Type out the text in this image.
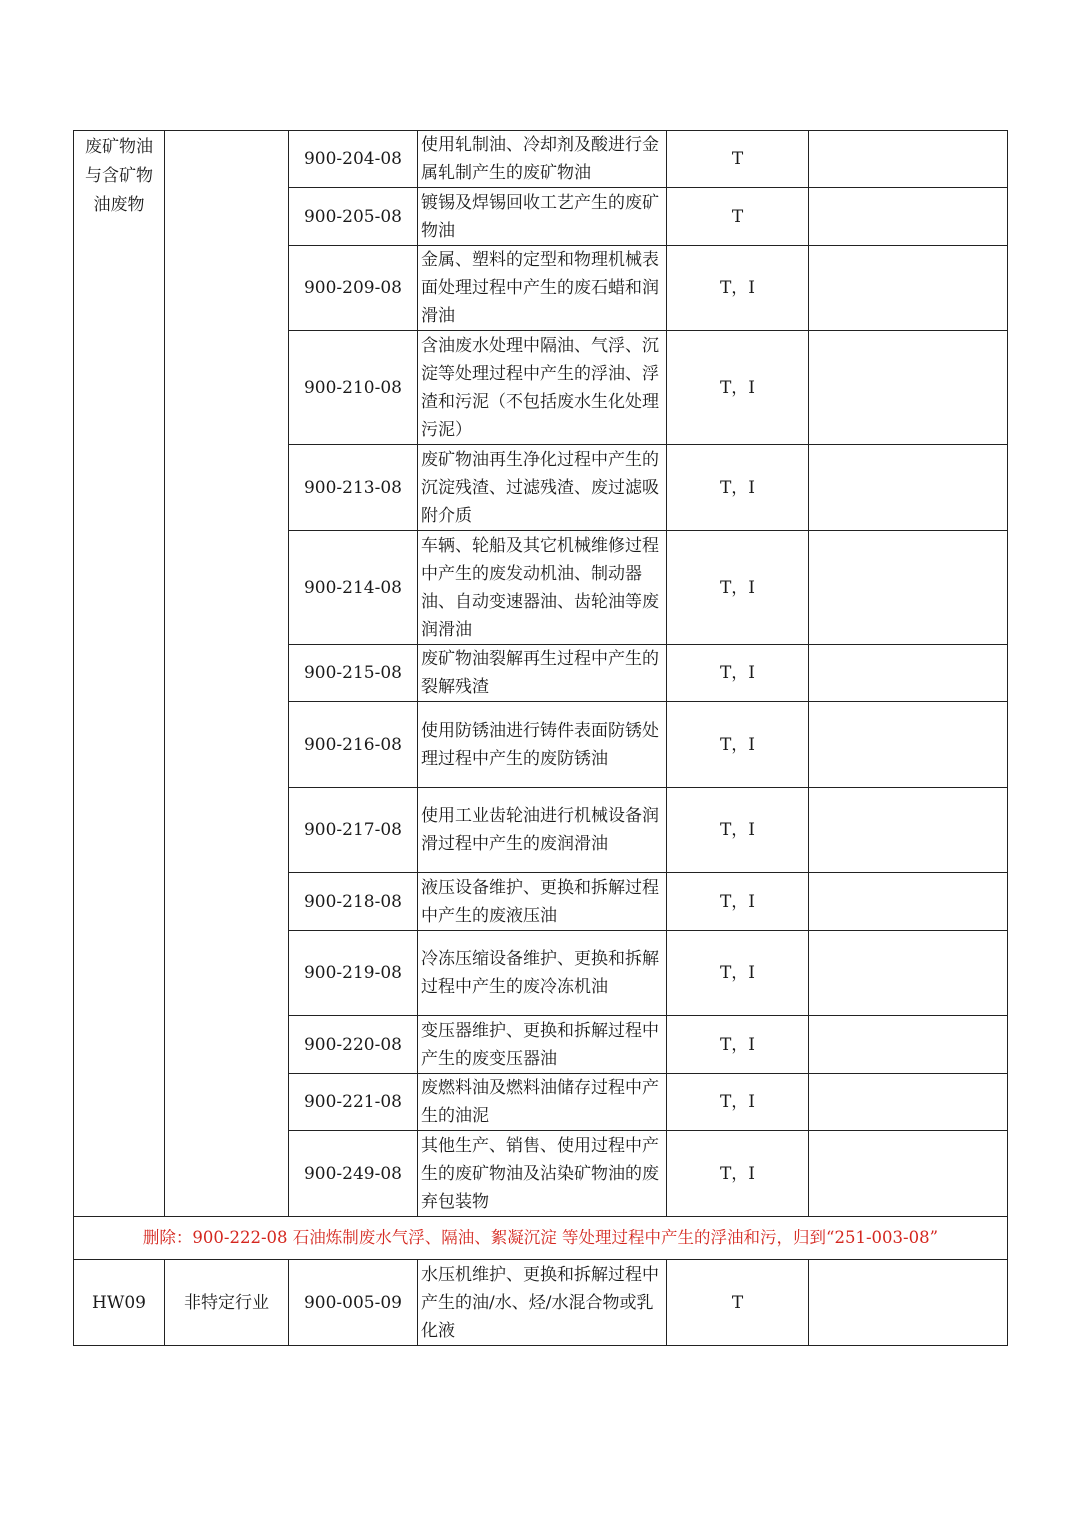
废矿物油与含矿物油废物		900-204-08	使用轧制油、冷却剂及酸进行金属轧制产生的废矿物油	T	
		900-205-08	镀锡及焊锡回收工艺产生的废矿物油	T	
		900-209-08	金属、塑料的定型和物理机械表面处理过程中产生的废石蜡和润滑油	T，I	
		900-210-08	含油废水处理中隔油、气浮、沉淀等处理过程中产生的浮油、浮渣和污泥（不包括废水生化处理污泥）	T，I	
		900-213-08	废矿物油再生净化过程中产生的沉淀残渣、过滤残渣、废过滤吸附介质	T，I	
		900-214-08	车辆、轮船及其它机械维修过程中产生的废发动机油、制动器油、自动变速器油、齿轮油等废润滑油	T，I	
		900-215-08	废矿物油裂解再生过程中产生的裂解残渣	T，I	
		900-216-08	使用防锈油进行铸件表面防锈处理过程中产生的废防锈油	T，I	
		900-217-08	使用工业齿轮油进行机械设备润滑过程中产生的废润滑油	T，I	
		900-218-08	液压设备维护、更换和拆解过程中产生的废液压油	T，I	
		900-219-08	冷冻压缩设备维护、更换和拆解过程中产生的废冷冻机油	T，I	
		900-220-08	变压器维护、更换和拆解过程中产生的废变压器油	T，I	
		900-221-08	废燃料油及燃料油储存过程中产生的油泥	T，I	
		900-249-08	其他生产、销售、使用过程中产生的废矿物油及沾染矿物油的废弃包装物	T，I	
删除：900-222-08 石油炼制废水气浮、隔油、絮凝沉淀 等处理过程中产生的浮油和污，归到“251-003-08”					
HW09	非特定行业	900-005-09	水压机维护、更换和拆解过程中产生的油/水、烃/水混合物或乳化液	T	
